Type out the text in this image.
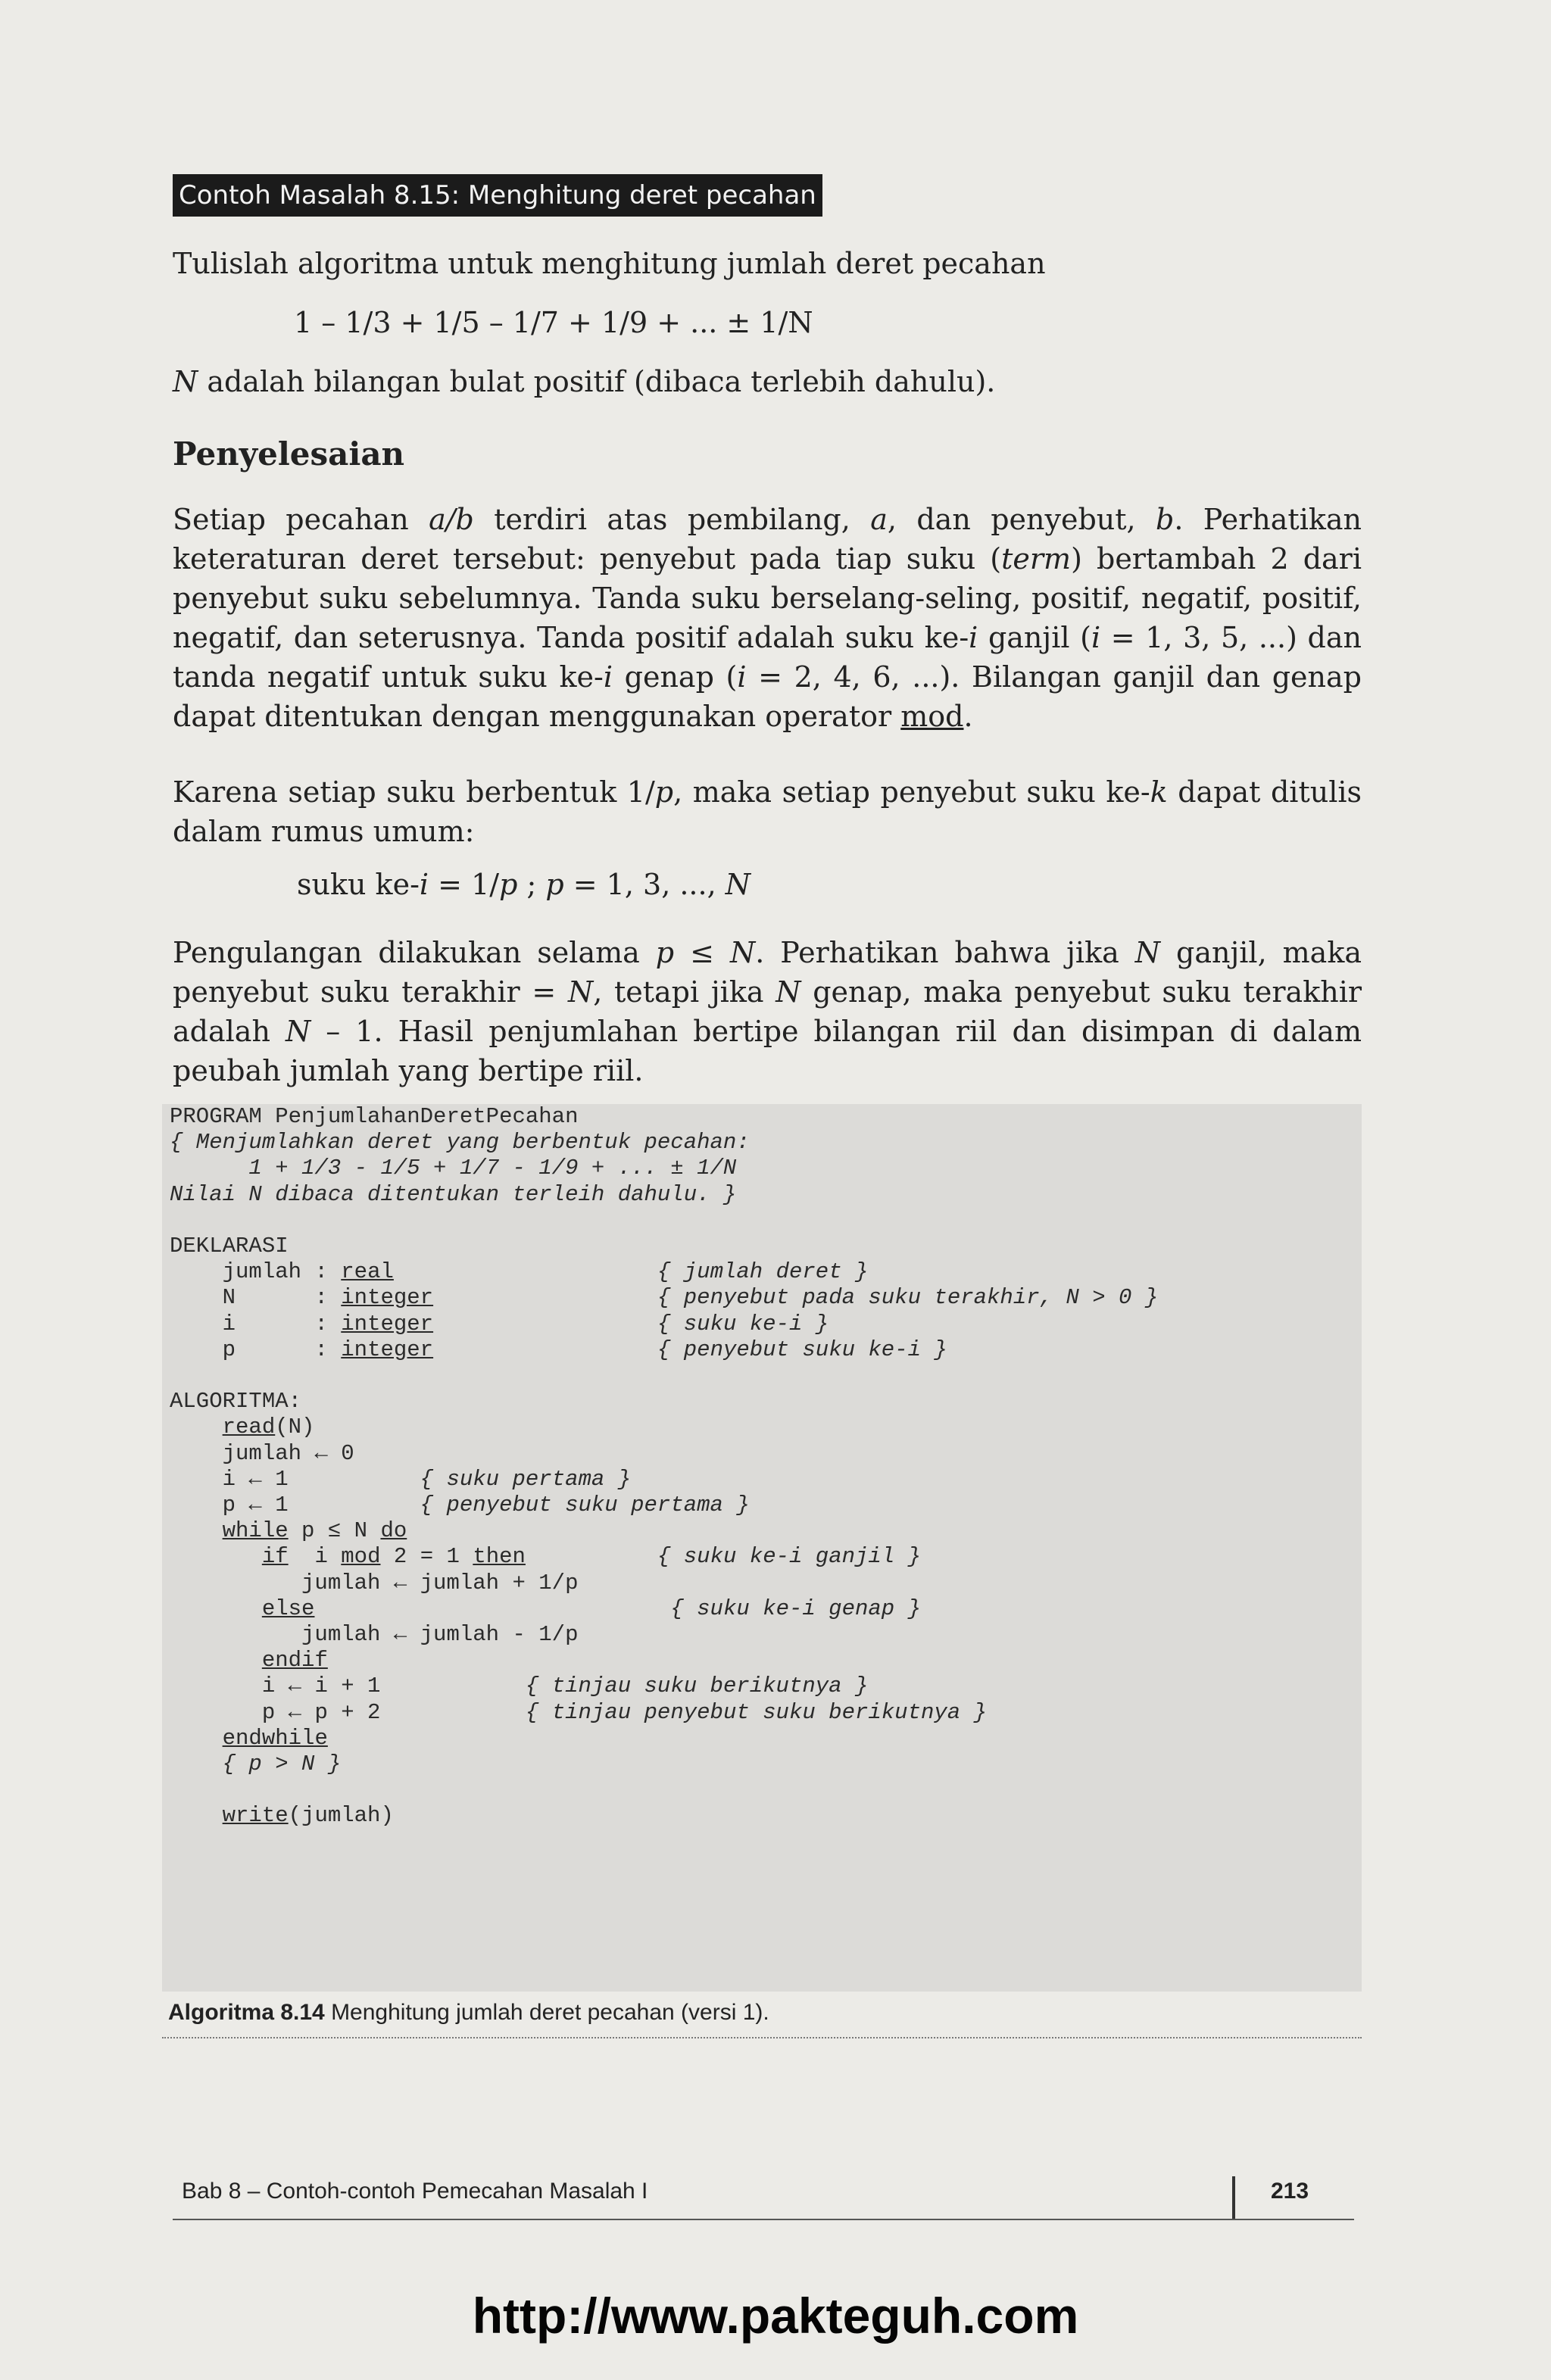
Contoh Masalah 8.15: Menghitung deret pecahan

Tulislah algoritma untuk menghitung jumlah deret pecahan

1 – 1/3 + 1/5 – 1/7 + 1/9 + ... ± 1/N

N adalah bilangan bulat positif (dibaca terlebih dahulu).

Penyelesaian

Setiap pecahan a/b terdiri atas pembilang, a, dan penyebut, b. Perhatikan keteraturan deret tersebut: penyebut pada tiap suku (term) bertambah 2 dari penyebut suku sebelumnya. Tanda suku berselang-seling, positif, negatif, positif, negatif, dan seterusnya. Tanda positif adalah suku ke-i ganjil (i = 1, 3, 5, ...) dan tanda negatif untuk suku ke-i genap (i = 2, 4, 6, ...). Bilangan ganjil dan genap dapat ditentukan dengan menggunakan operator mod.

Karena setiap suku berbentuk 1/p, maka setiap penyebut suku ke-k dapat ditulis dalam rumus umum:

suku ke-i = 1/p ; p = 1, 3, ..., N

Pengulangan dilakukan selama p ≤ N. Perhatikan bahwa jika N ganjil, maka penyebut suku terakhir = N, tetapi jika N genap, maka penyebut suku terakhir adalah N – 1. Hasil penjumlahan bertipe bilangan riil dan disimpan di dalam peubah jumlah yang bertipe riil.

PROGRAM PenjumlahanDeretPecahan
{ Menjumlahkan deret yang berbentuk pecahan:
1 + 1/3 - 1/5 + 1/7 - 1/9 + ... ± 1/N
Nilai N dibaca ditentukan terleih dahulu. }

DEKLARASI
jumlah : real	{ jumlah deret }
N      : integer	{ penyebut pada suku terakhir, N > 0 }
i      : integer	{ suku ke-i }
p      : integer	{ penyebut suku ke-i }

ALGORITMA:
read(N)
jumlah ← 0
i ← 1	{ suku pertama }
p ← 1	{ penyebut suku pertama }
while p ≤ N do
if  i mod 2 = 1 then	{ suku ke-i ganjil }
jumlah ← jumlah + 1/p
else	{ suku ke-i genap }
jumlah ← jumlah - 1/p
endif
i ← i + 1	{ tinjau suku berikutnya }
p ← p + 2	{ tinjau penyebut suku berikutnya }
endwhile
{ p > N }

write(jumlah)
Algoritma 8.14 Menghitung jumlah deret pecahan (versi 1).
Bab 8 – Contoh-contoh Pemecahan Masalah I	213
http://www.pakteguh.com
